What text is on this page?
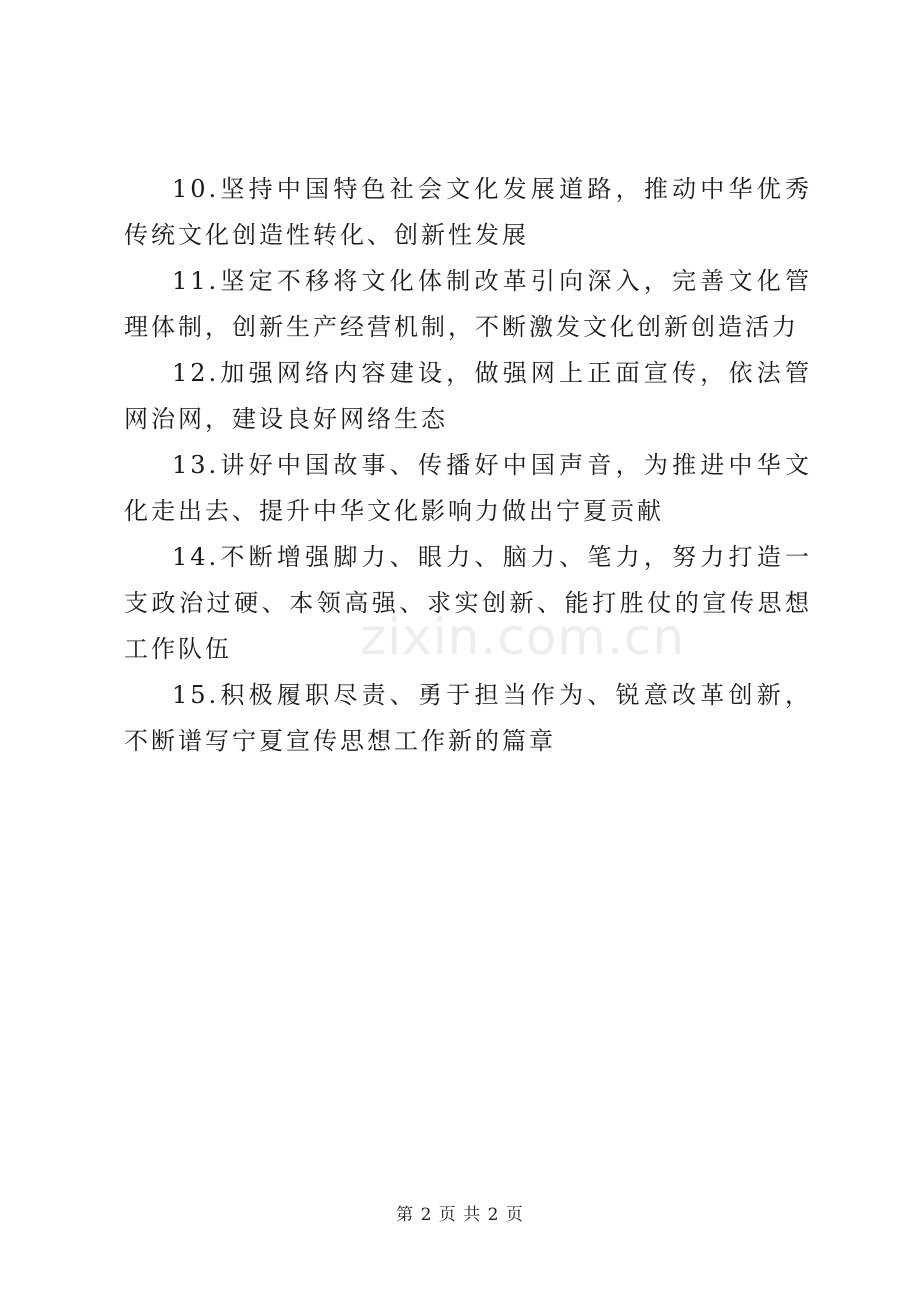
10.坚持中国特色社会文化发展道路，推动中华优秀传统文化创造性转化、创新性发展

11.坚定不移将文化体制改革引向深入，完善文化管理体制，创新生产经营机制，不断激发文化创新创造活力

12.加强网络内容建设，做强网上正面宣传，依法管网治网，建设良好网络生态

13.讲好中国故事、传播好中国声音，为推进中华文化走出去、提升中华文化影响力做出宁夏贡献

14.不断增强脚力、眼力、脑力、笔力，努力打造一支政治过硬、本领高强、求实创新、能打胜仗的宣传思想工作队伍

15.积极履职尽责、勇于担当作为、锐意改革创新，不断谱写宁夏宣传思想工作新的篇章

zixin.com.cn
第 2 页 共 2 页
